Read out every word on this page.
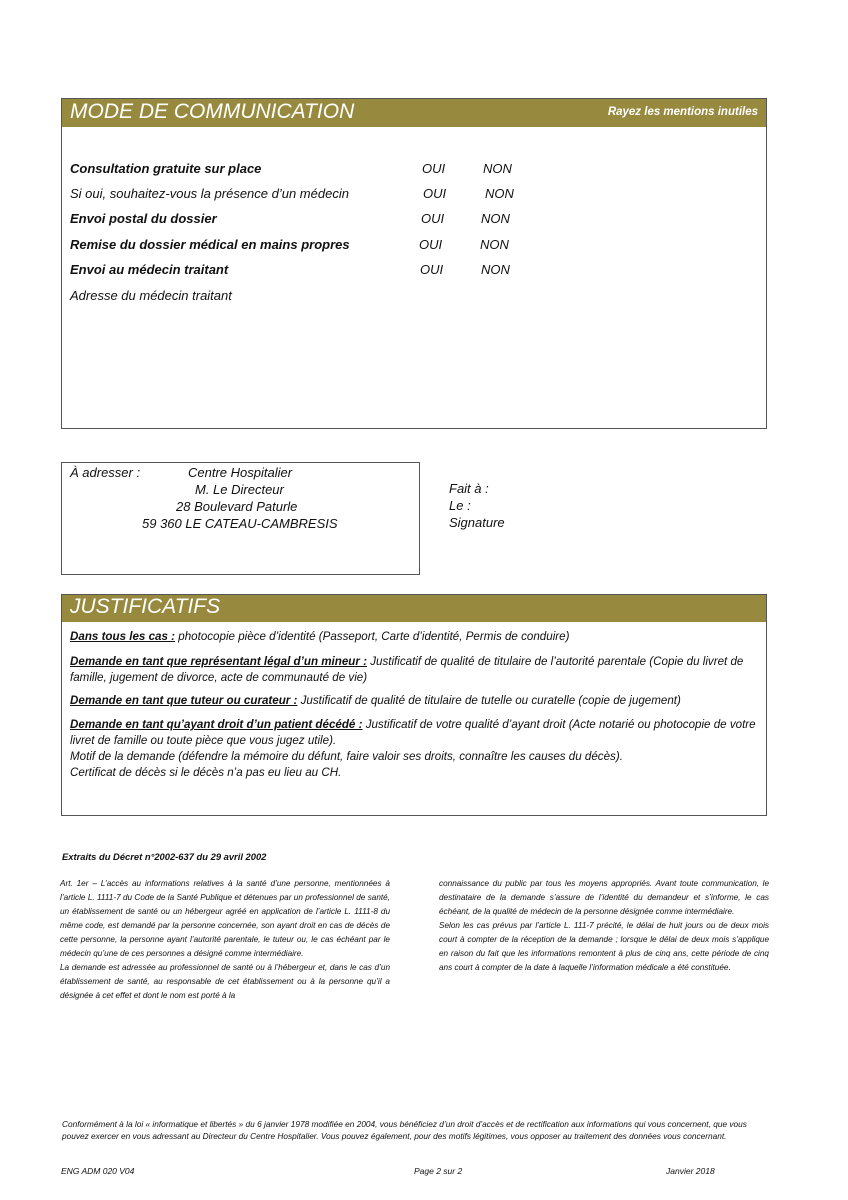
MODE DE COMMUNICATION	Rayez les mentions inutiles
Consultation gratuite sur place	OUI	NON
Si oui, souhaitez-vous la présence d’un médecin	OUI	NON
Envoi postal du dossier	OUI	NON
Remise du dossier médical en mains propres	OUI	NON
Envoi au médecin traitant	OUI	NON
Adresse du médecin traitant
À adresser :	Centre Hospitalier
M. Le Directeur
28 Boulevard Paturle
59 360 LE CATEAU-CAMBRESIS
Fait à :
Le :
Signature
JUSTIFICATIFS
Dans tous les cas : photocopie pièce d’identité (Passeport, Carte d’identité, Permis de conduire)
Demande en tant que représentant légal d’un mineur : Justificatif de qualité de titulaire de l’autorité parentale (Copie du livret de famille, jugement de divorce, acte de communauté de vie)
Demande en tant que tuteur ou curateur : Justificatif de qualité de titulaire de tutelle ou curatelle (copie de jugement)
Demande en tant qu’ayant droit d’un patient décédé : Justificatif de votre qualité d’ayant droit (Acte notarié ou photocopie de votre livret de famille ou toute pièce que vous jugez utile).
Motif de la demande (défendre la mémoire du défunt, faire valoir ses droits, connaître les causes du décès).
Certificat de décès si le décès n’a pas eu lieu au CH.
Extraits du Décret n°2002-637 du 29 avril 2002

Art. 1er – L’accès au informations relatives à la santé d’une personne, mentionnées à l’article L. 1111-7 du Code de la Santé Publique et détenues par un professionnel de santé, un établissement de santé ou un hébergeur agréé en application de l’article L. 1111-8 du même code, est demandé par la personne concernée, son ayant droit en cas de décès de cette personne, la personne ayant l’autorité parentale, le tuteur ou, le cas échéant par le médecin qu’une de ces personnes a désigné comme intermédiaire.

La demande est adressée au professionnel de santé ou à l’hébergeur et, dans le cas d’un établissement de santé, au responsable de cet établissement ou à la personne qu’il a désignée à cet effet et dont le nom est porté à la

connaissance du public par tous les moyens appropriés. Avant toute communication, le destinataire de la demande s’assure de l’identité du demandeur et s’informe, le cas échéant, de la qualité de médecin de la personne désignée comme intermédiaire.

Selon les cas prévus par l’article L. 111-7 précité, le délai de huit jours ou de deux mois court à compter de la réception de la demande ; lorsque le délai de deux mois s’applique en raison du fait que les informations remontent à plus de cinq ans, cette période de cinq ans court à compter de la date à laquelle l’information médicale a été constituée.

Conformément à la loi « informatique et libertés » du 6 janvier 1978 modifiée en 2004, vous bénéficiez d’un droit d’accès et de rectification aux informations qui vous concernent, que vous pouvez exercer en vous adressant au Directeur du Centre Hospitalier. Vous pouvez également, pour des motifs légitimes, vous opposer au traitement des données vous concernant.
ENG ADM 020 V04	Page 2 sur 2	Janvier 2018
